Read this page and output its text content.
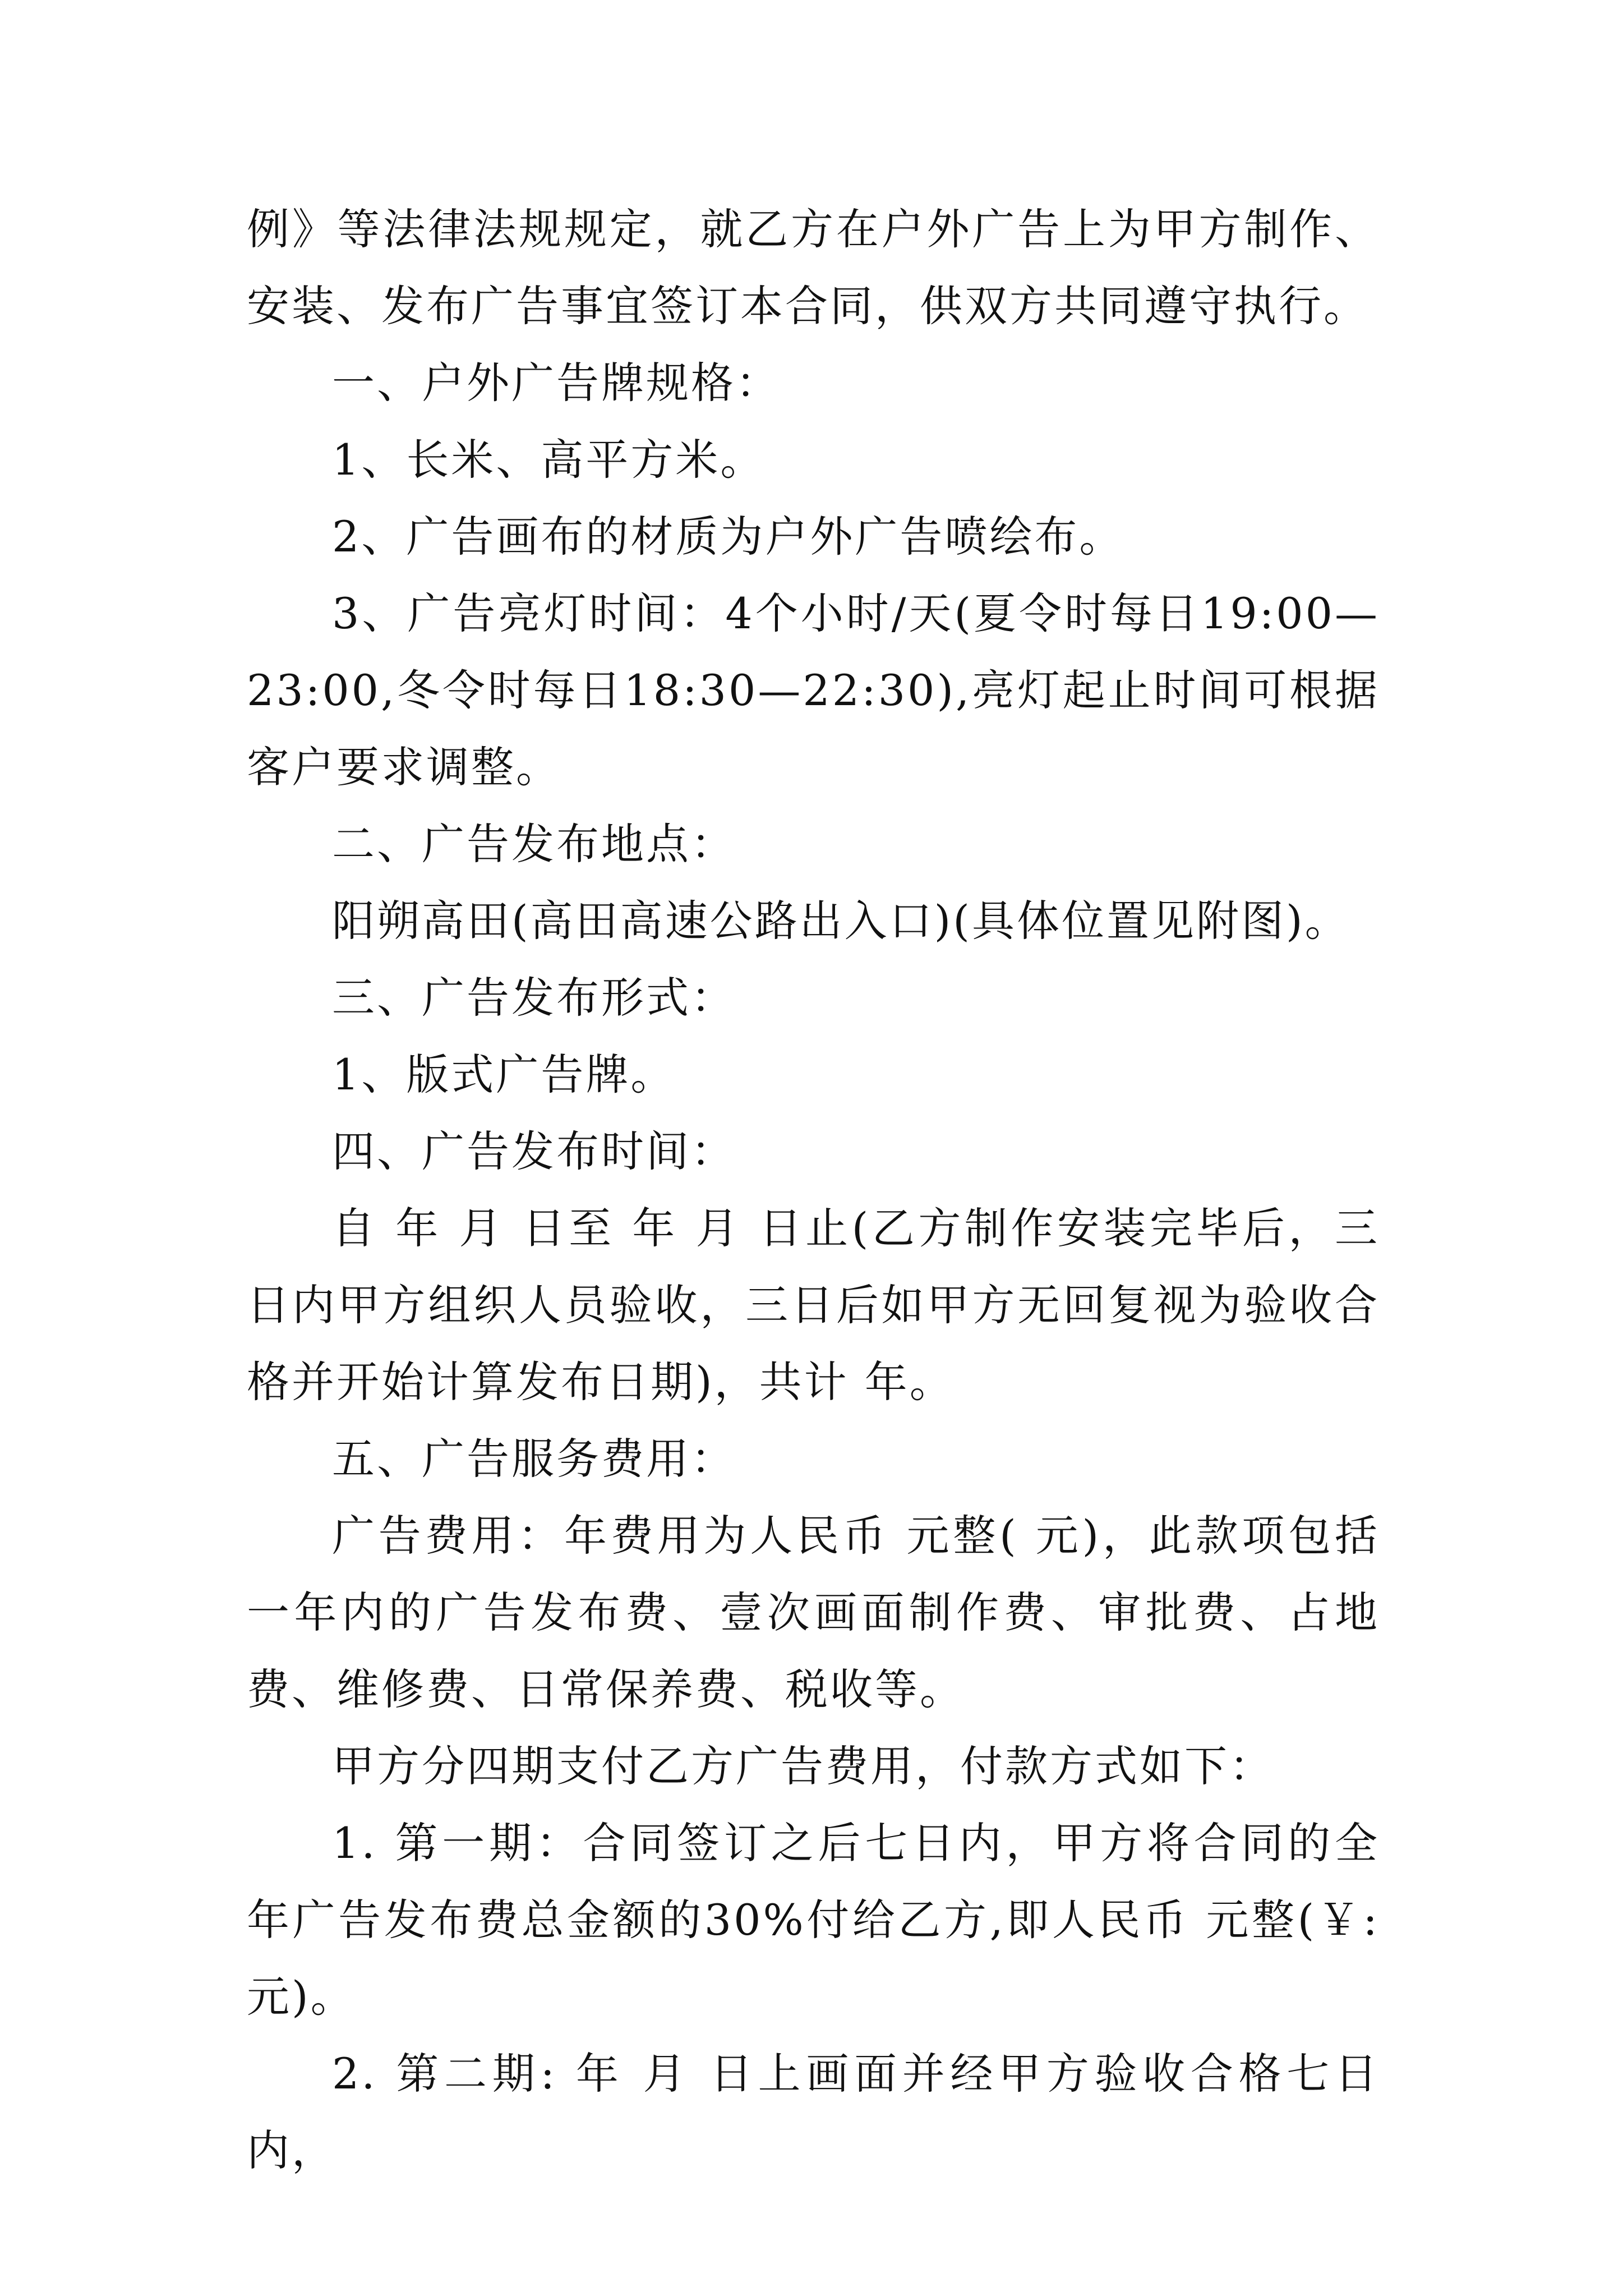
例》等法律法规规定，就乙方在户外广告上为甲方制作、安装、发布广告事宜签订本合同，供双方共同遵守执行。

一、户外广告牌规格：

1、长米、高平方米。

2、广告画布的材质为户外广告喷绘布。

3、广告亮灯时间：4个小时/天(夏令时每日19:00—23:00,冬令时每日18:30—22:30),亮灯起止时间可根据客户要求调整。

二、广告发布地点：

阳朔高田(高田高速公路出入口)(具体位置见附图)。

三、广告发布形式：

1、版式广告牌。

四、广告发布时间：

自 年 月 日至 年 月 日止(乙方制作安装完毕后，三日内甲方组织人员验收，三日后如甲方无回复视为验收合格并开始计算发布日期)，共计 年。

五、广告服务费用：

广告费用：年费用为人民币 元整( 元)，此款项包括一年内的广告发布费、壹次画面制作费、审批费、占地费、维修费、日常保养费、税收等。

甲方分四期支付乙方广告费用，付款方式如下：

1. 第一期：合同签订之后七日内，甲方将合同的全年广告发布费总金额的30%付给乙方,即人民币 元整(￥: 元)。

2. 第二期: 年 月 日上画面并经甲方验收合格七日内，
